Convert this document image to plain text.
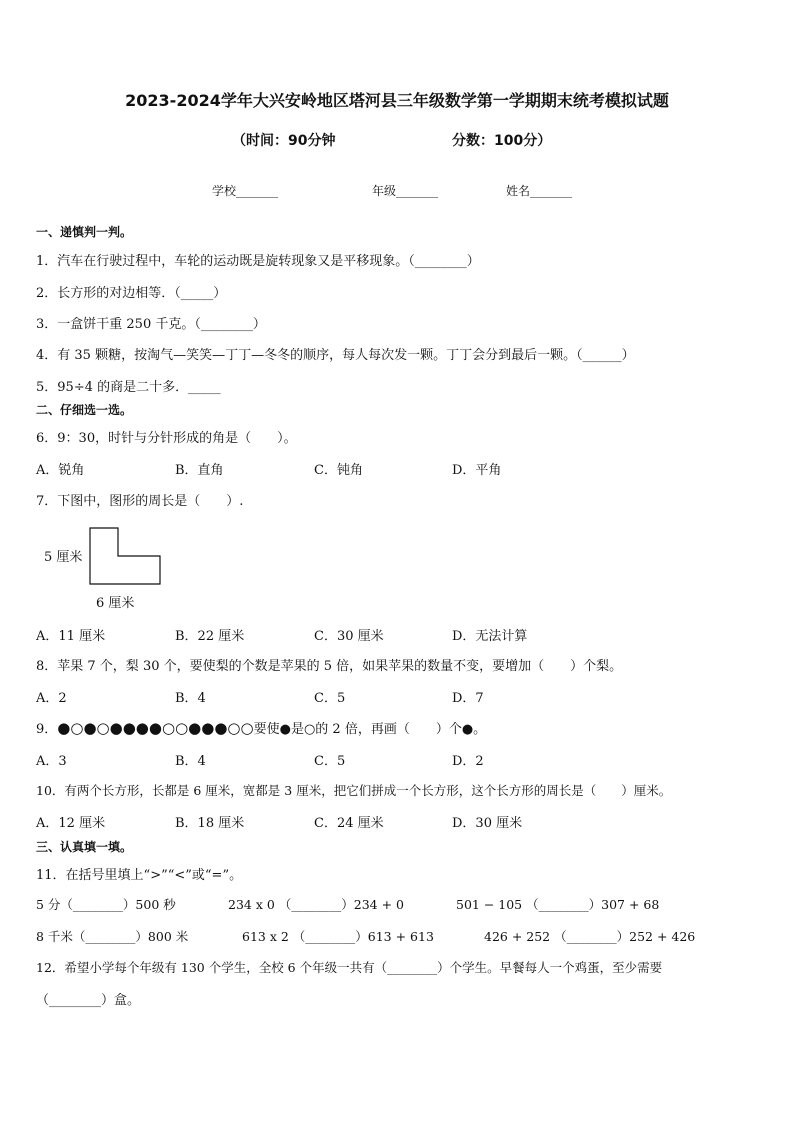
2023-2024学年大兴安岭地区塔河县三年级数学第一学期期末统考模拟试题
（时间：90分钟	分数：100分）
学校_______	年级_______	姓名_______
一、递慎判一判。
1．汽车在行驶过程中，车轮的运动既是旋转现象又是平移现象。（________）
2．长方形的对边相等．（_____）
3．一盒饼干重 250 千克。（________）
4．有 35 颗糖，按淘气—笑笑—丁丁—冬冬的顺序，每人每次发一颗。丁丁会分到最后一颗。（______）
5．95÷4 的商是二十多．_____
二、仔细选一选。
6．9：30，时针与分针形成的角是（　　）。
A．锐角	B．直角	C．钝角	D．平角
7．下图中，图形的周长是（　　）.
5 厘米
6 厘米
A．11 厘米	B．22 厘米	C．30 厘米	D．无法计算
8．苹果 7 个，梨 30 个，要使梨的个数是苹果的 5 倍，如果苹果的数量不变，要增加（　　）个梨。
A．2	B．4	C．5	D．7
9．●○●○●●●●○○●●●○○要使●是○的 2 倍，再画（　　）个●。
A．3	B．4	C．5	D．2
10．有两个长方形，长都是 6 厘米，宽都是 3 厘米，把它们拼成一个长方形，这个长方形的周长是（　　）厘米。
A．12 厘米	B．18 厘米	C．24 厘米	D．30 厘米
三、认真填一填。
11．在括号里填上“>”“<”或“=”。
5 分（________）500 秒	234 x 0 （________）234 + 0	501 − 105 （________）307 + 68
8 千米（________）800 米	613 x 2 （________）613 + 613	426 + 252 （________）252 + 426
12．希望小学每个年级有 130 个学生，全校 6 个年级一共有（________）个学生。早餐每人一个鸡蛋，至少需要
（________）盒。
